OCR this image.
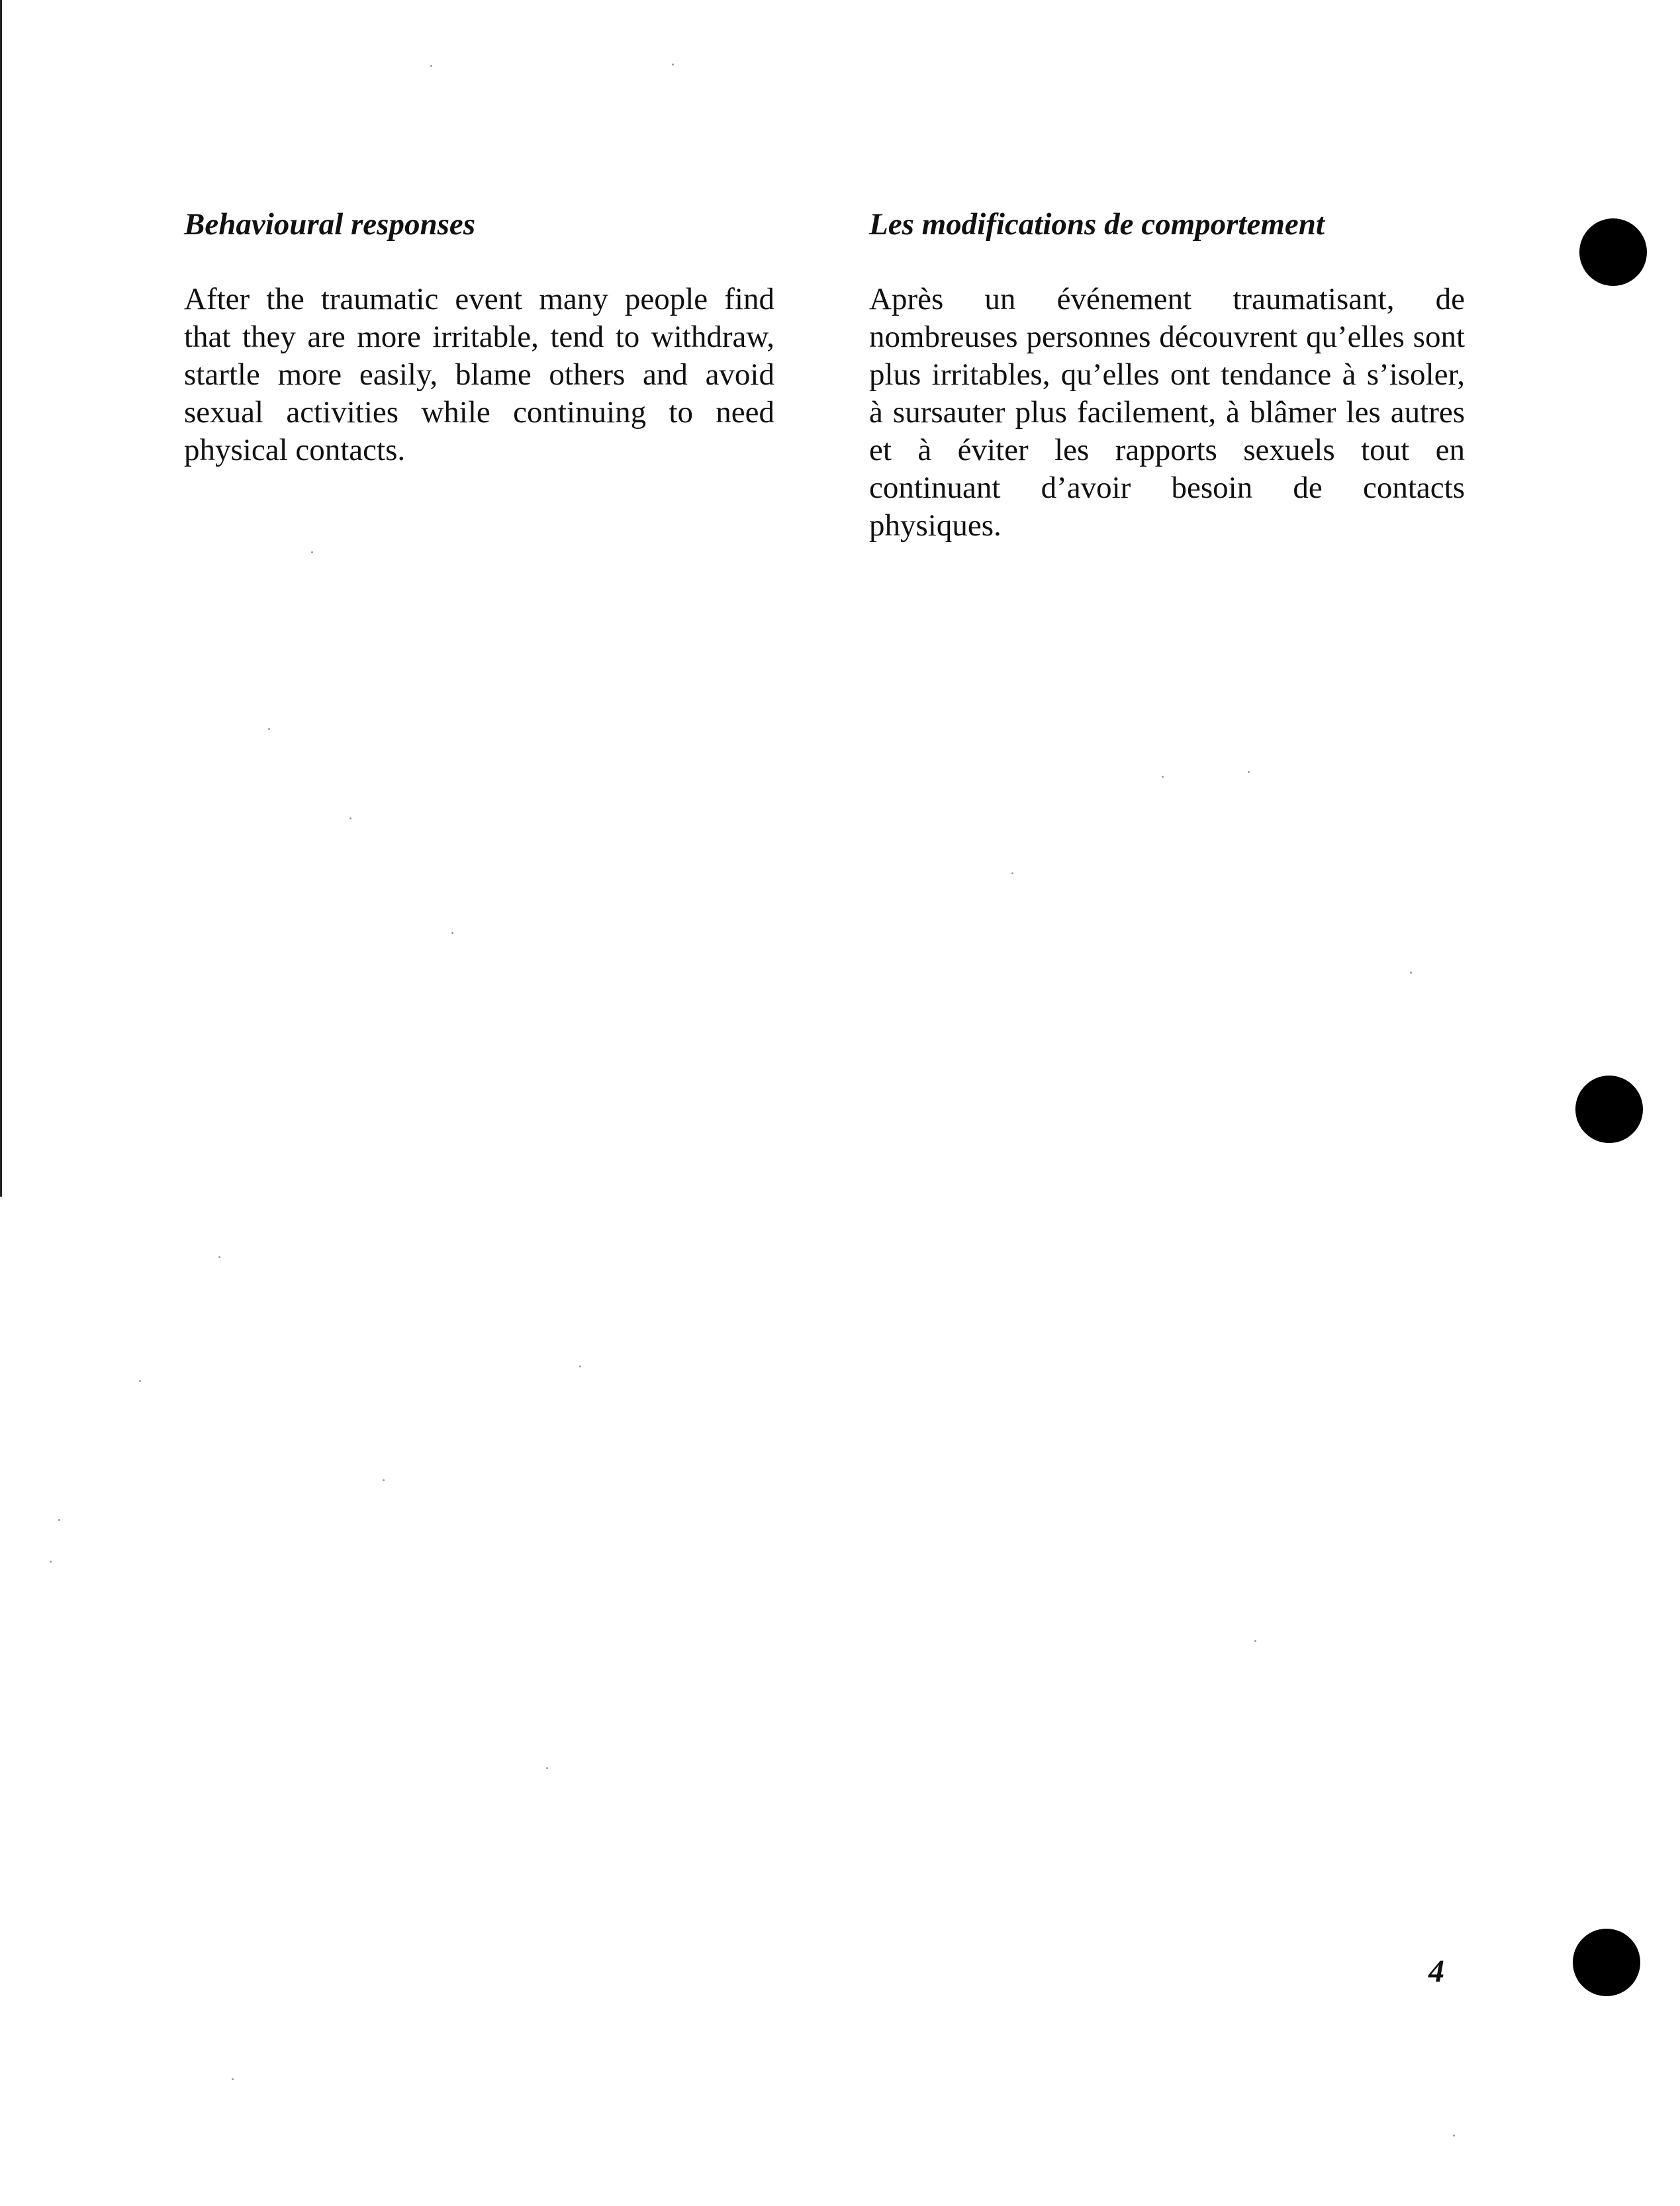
Behavioural responses

After the traumatic event many people find that they are more irritable, tend to withdraw, startle more easily, blame others and avoid sexual activities while continuing to need physical contacts.

Les modifications de comportement

Après un événement traumatisant, de nombreuses personnes découvrent qu’elles sont plus irritables, qu’elles ont tendance à s’isoler, à sursauter plus facilement, à blâmer les autres et à éviter les rapports sexuels tout en continuant d’avoir besoin de contacts physiques.

4
